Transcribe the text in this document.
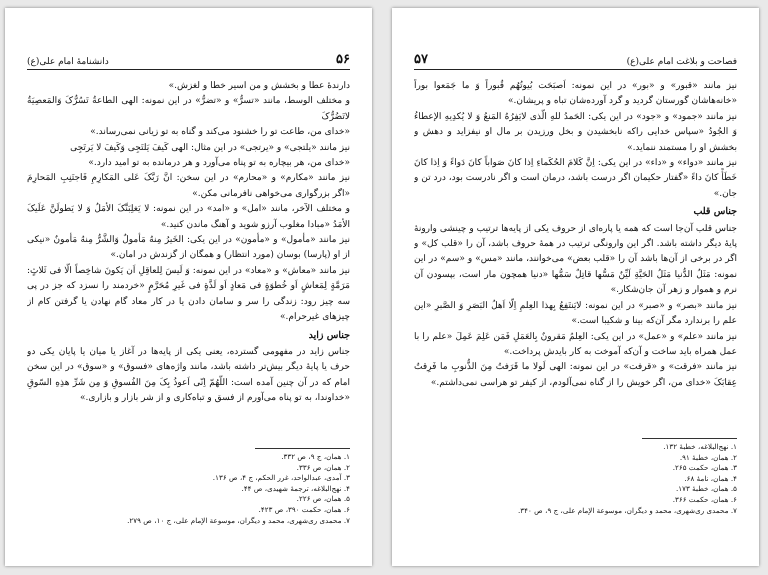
۵۶
دانشنامهٔ امام علی(ع)

دارندهٔ عطا و بخشش و من اسیر خطا و لغزش.»

و مختلف الوسط، مانند «تسرُّ» و «تضرُّ» در این نمونه: الهی الطاعةُ تَسُرُّکَ وَالمَعصِیَةُ لاتَضُرُّکَ

«خدای من، طاعت تو را خشنود می‌کند و گناه به تو زیانی نمی‌رساند.»

نیز مانند «یلتجی» و «یرتجی» در این مثال: الهی کَیفَ یَلتَجِی وَکَیفَ لا یَرتَجِی

«خدای من، هر بیچاره به تو پناه می‌آورد و هر درمانده به تو امید دارد.»

نیز مانند «مکارم» و «محارم» در این سخن: انَّ رَبَّکَ عَلی المَکارِمِ فَاجتَنِبِ المَحارِمَ «اگر بزرگواری می‌خواهی نافرمانی مکن.»

و مختلف الآخر، مانند «امل» و «امد» در این نمونه: لا یَغلِبَنَّکَ الأمَلُ وَ لا یَطولَنَّ عَلَیکَ الأمَدُ «مبادا مغلوب آرزو شوید و آهنگ ماندن کنید.»

نیز مانند «مأمول» و «مأمون» در این یکی: الخَیرُ مِنهُ مَأمولٌ وَالشَّرُّ مِنهُ مَأمونٌ «نیکی از او (پارسا) بوسان (مورد انتظار) و همگان از گزندش در امان.»

نیز مانند «معاش» و «معاد» در این نمونه: وَ لَیسَ لِلعاقِلِ اَن یَکونَ شاخِصاً الّا فی ثَلاثٍ: مَرَمَّةٍ لِمَعاشٍ اَو خُطوَةٍ فی مَعادٍ اَو لَذَّةٍ فی غَیرِ مُحَرَّمٍ «خردمند را نسزد که جز در پی سه چیز رود: زندگی را سر و سامان دادن یا در کار معاد گام نهادن یا گرفتن کام از چیزهای غیرحرام.»

جناس زاید

جناس زاید در مفهومی گسترده، یعنی یکی از پایه‌ها در آغاز یا میان یا پایان یکی دو حرف یا پایهٔ دیگر بیش‌تر داشته باشد، مانند واژه‌های «فسوق» و «سوق» در این سخن امام که در آن چنین آمده است: اللّهُمّ اِنّی اَعوذُ بِکَ مِنَ الفُسوقِ وَ مِن شَرِّ هذِهِ السّوقِ «خداوندا، به تو پناه می‌آورم از فسق و تباه‌کاری و از شر بازار و بازاری.»

۱. همان، ج ۹، ص ۳۳۲.
۲. همان، ص ۳۳۶.
۳. آمدی، عبدالواحد، غرر الحکم، ج ۴، ص ۱۳۶.
۴. نهج‌البلاغه، ترجمهٔ شهیدی، ص ۴۴.
۵. همان، ص ۲۲۶.
۶. همان، حکمت ۳۹۰، ص ۴۲۳.
۷. محمدی ری‌شهری، محمد و دیگران، موسوعة الإمام علی، ج ۱۰، ص ۲۷۹.
۵۷	فصاحت و بلاغت امام علی(ع)

نیز مانند «قبور» و «بور» در این نمونه: اَصبَحَت بُیوتُهُم قُبوراً وَ ما جَمَعوا بوراً «خانه‌هاشان گورستان گردید و گرد آورده‌شان تباه و پریشان.»

نیز مانند «جمود» و «جود» در این یکی: الحَمدُ للهِ الّذی لایَفِرُهُ المَنعُ وَ لا یُکدِیهِ الإعطاءُ وَ الجُودُ «سپاس خدایی راکه نابخشیدن و بخل ورزیدن بر مال او نیفزاید و دهش و بخشش او را مستمند ننماید.»

نیز مانند «دواء» و «داء» در این یکی: اِنَّ کَلامَ الحُکَماءِ اِذا کانَ صَواباً کانَ دَواءً وَ اِذا کانَ خَطَأً کانَ داءً «گفتار حکیمان اگر درست باشد، درمان است و اگر نادرست بود، درد تن و جان.»

جناس قلب

جناس قلب آن‌جا است که همه یا پاره‌ای از حروف یکی از پایه‌ها ترتیب و چینشی وارونهٔ پایهٔ دیگر داشته باشد. اگر این وارونگی ترتیب در همهٔ حروف باشد، آن را «قلب کل» و اگر در برخی از آن‌ها باشد آن را «قلب بعض» می‌خوانند، مانند «مس» و «سم» در این نمونه: مَثَلُ الدُّنیا مَثَلُ الحَیَّةِ لَیِّنٌ مَسُّها قاتِلٌ سَمُّها «دنیا همچون مار است، بپسودن آن نرم و هموار و زهر آن جان‌شکار.»

نیز مانند «بصر» و «صبر» در این نمونه: لایَنتَفِعُ بِهذا العِلمِ اِلّا اَهلُ البَصَرِ وَ الصَّبرِ «این علم را برندارد مگر آن‌که بینا و شکیبا است.»

نیز مانند «علم» و «عمل» در این یکی: العِلمُ مَقرونٌ بِالعَمَلِ فَمَن عَلِمَ عَمِلَ «علم را با عمل همراه باید ساخت و آن‌که آموخت به کار بایدش پرداخت.»

نیز مانند «فرقت» و «قرفت» در این نمونه: الهی لَولا ما قَرَفتُ مِنَ الذُّنوبِ ما فَرِقتُ عِقابَکَ «خدای من، اگر خویش را از گناه نمی‌آلودم، از کیفر تو هراسی نمی‌داشتم.»

۱. نهج‌البلاغه، خطبهٔ ۱۳۲.
۲. همان، خطبهٔ ۹۱.
۳. همان، حکمت ۲۶۵.
۴. همان، نامهٔ ۶۸.
۵. همان، خطبهٔ ۱۷۳.
۶. همان، حکمت ۳۶۶.
۷. محمدی ری‌شهری، محمد و دیگران، موسوعة الإمام علی، ج ۹، ص ۳۴۰.
